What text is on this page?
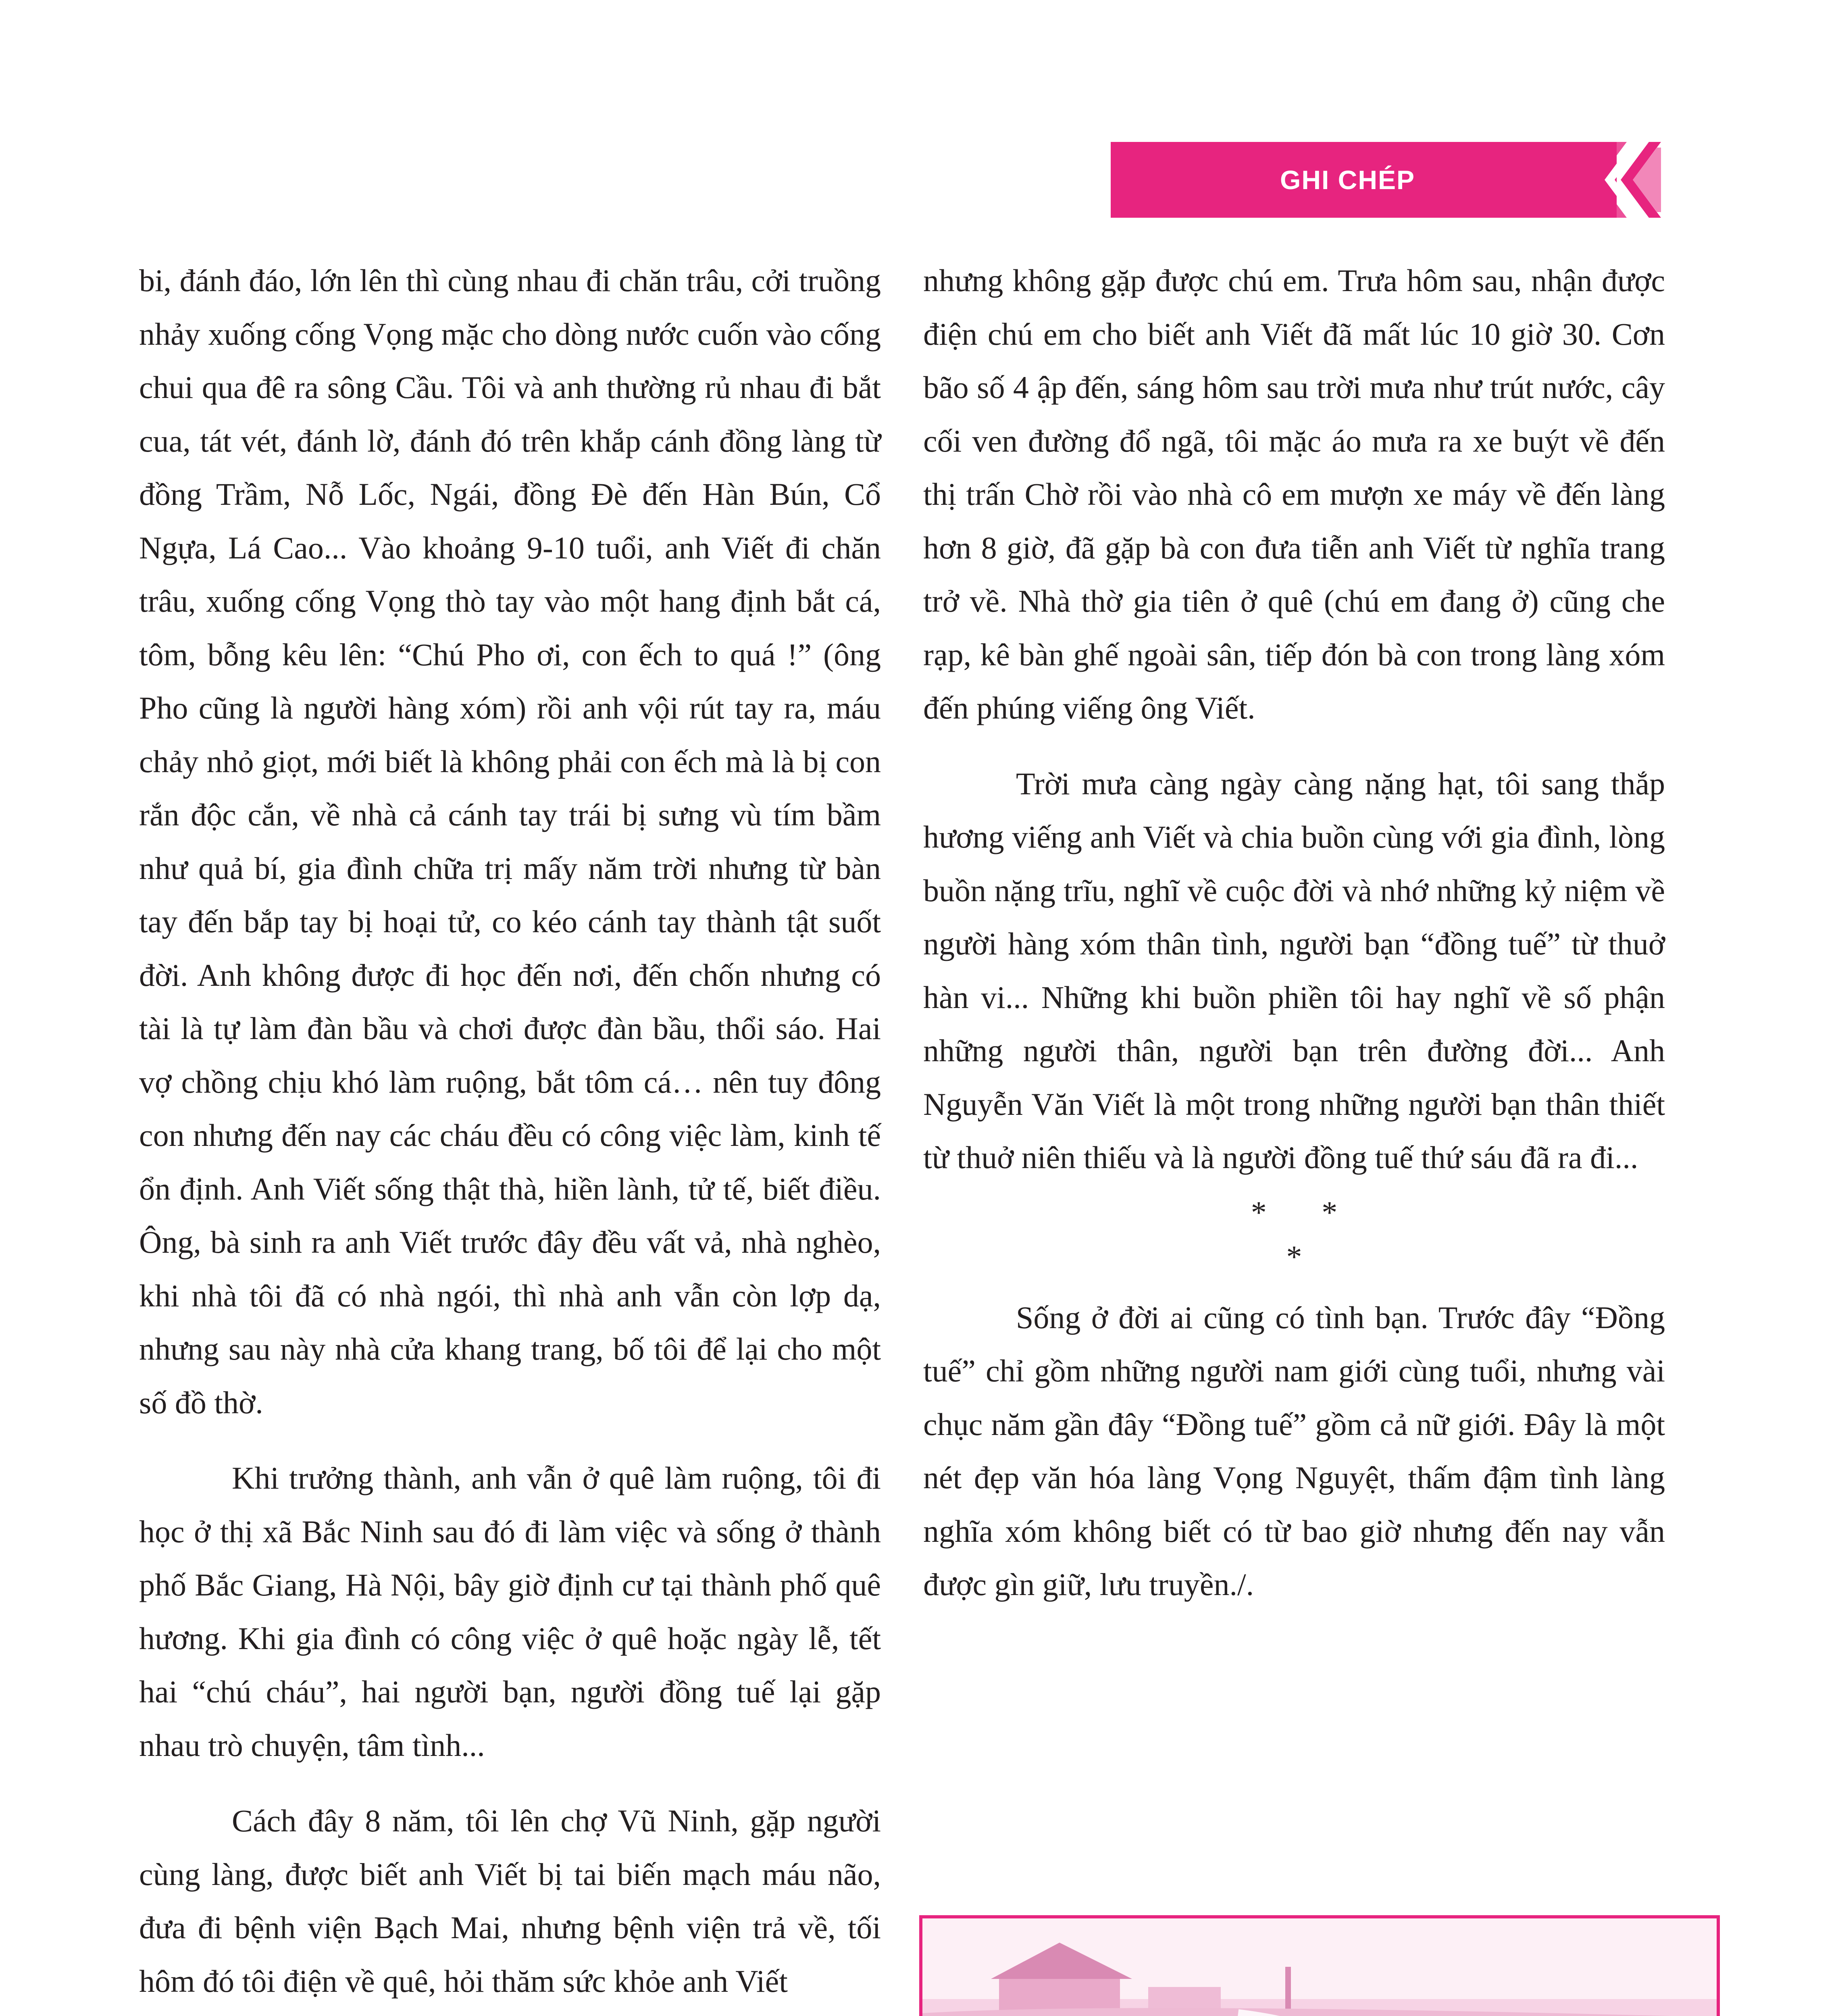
GHI CHÉP

bi, đánh đáo, lớn lên thì cùng nhau đi chăn trâu, cởi truồng nhảy xuống cống Vọng mặc cho dòng nước cuốn vào cống chui qua đê ra sông Cầu. Tôi và anh thường rủ nhau đi bắt cua, tát vét, đánh lờ, đánh đó trên khắp cánh đồng làng từ đồng Trầm, Nỗ Lốc, Ngái, đồng Đè đến Hàn Bún, Cổ Ngựa, Lá Cao... Vào khoảng 9-10 tuổi, anh Viết đi chăn trâu, xuống cống Vọng thò tay vào một hang định bắt cá, tôm, bỗng kêu lên: “Chú Pho ơi, con ếch to quá !” (ông Pho cũng là người hàng xóm) rồi anh vội rút tay ra, máu chảy nhỏ giọt, mới biết là không phải con ếch mà là bị con rắn độc cắn, về nhà cả cánh tay trái bị sưng vù tím bầm như quả bí, gia đình chữa trị mấy năm trời nhưng từ bàn tay đến bắp tay bị hoại tử, co kéo cánh tay thành tật suốt đời. Anh không được đi học đến nơi, đến chốn nhưng có tài là tự làm đàn bầu và chơi được đàn bầu, thổi sáo. Hai vợ chồng chịu khó làm ruộng, bắt tôm cá… nên tuy đông con nhưng đến nay các cháu đều có công việc làm, kinh tế ổn định. Anh Viết sống thật thà, hiền lành, tử tế, biết điều. Ông, bà sinh ra anh Viết trước đây đều vất vả, nhà nghèo, khi nhà tôi đã có nhà ngói, thì nhà anh vẫn còn lợp dạ, nhưng sau này nhà cửa khang trang, bố tôi để lại cho một số đồ thờ.

Khi trưởng thành, anh vẫn ở quê làm ruộng, tôi đi học ở thị xã Bắc Ninh sau đó đi làm việc và sống ở thành phố Bắc Giang, Hà Nội, bây giờ định cư tại thành phố quê hương. Khi gia đình có công việc ở quê hoặc ngày lễ, tết hai “chú cháu”, hai người bạn, người đồng tuế lại gặp nhau trò chuyện, tâm tình...

Cách đây 8 năm, tôi lên chợ Vũ Ninh, gặp người cùng làng, được biết anh Viết bị tai biến mạch máu não, đưa đi bệnh viện Bạch Mai, nhưng bệnh viện trả về, tối hôm đó tôi điện về quê, hỏi thăm sức khỏe anh Viết

nhưng không gặp được chú em. Trưa hôm sau, nhận được điện chú em cho biết anh Viết đã mất lúc 10 giờ 30. Cơn bão số 4 ập đến, sáng hôm sau trời mưa như trút nước, cây cối ven đường đổ ngã, tôi mặc áo mưa ra xe buýt về đến thị trấn Chờ rồi vào nhà cô em mượn xe máy về đến làng hơn 8 giờ, đã gặp bà con đưa tiễn anh Viết từ nghĩa trang trở về. Nhà thờ gia tiên ở quê (chú em đang ở) cũng che rạp, kê bàn ghế ngoài sân, tiếp đón bà con trong làng xóm đến phúng viếng ông Viết.

Trời mưa càng ngày càng nặng hạt, tôi sang thắp hương viếng anh Viết và chia buồn cùng với gia đình, lòng buồn nặng trĩu, nghĩ về cuộc đời và nhớ những kỷ niệm về người hàng xóm thân tình, người bạn “đồng tuế” từ thuở hàn vi... Những khi buồn phiền tôi hay nghĩ về số phận những người thân, người bạn trên đường đời... Anh Nguyễn Văn Viết là một trong những người bạn thân thiết từ thuở niên thiếu và là người đồng tuế thứ sáu đã ra đi...

*       *
*

Sống ở đời ai cũng có tình bạn. Trước đây “Đồng tuế” chỉ gồm những người nam giới cùng tuổi, nhưng vài chục năm gần đây “Đồng tuế” gồm cả nữ giới. Đây là một nét đẹp văn hóa làng Vọng Nguyệt, thấm đậm tình làng nghĩa xóm không biết có từ bao giờ nhưng đến nay vẫn được gìn giữ, lưu truyền./.
